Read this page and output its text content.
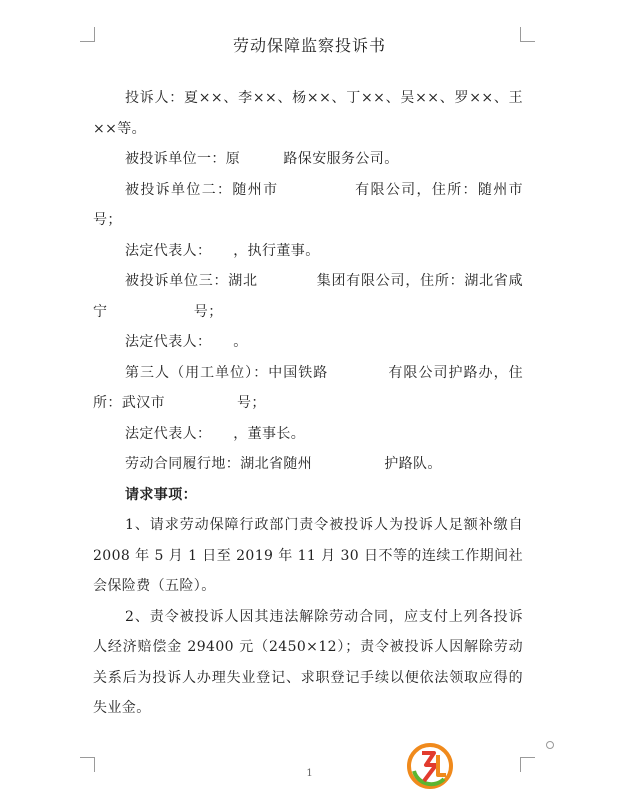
劳动保障监察投诉书

投诉人：夏××、李××、杨××、丁××、吴××、罗××、王××等。

被投诉单位一：原　　　路保安服务公司。

被投诉单位二：随州市　　　　　有限公司，住所：随州市　　　　号；

法定代表人：　　，执行董事。

被投诉单位三：湖北　　　　集团有限公司，住所：湖北省咸宁　　　　　　号；

法定代表人：　　。

第三人（用工单位）：中国铁路　　　　有限公司护路办，住所：武汉市　　　　　号；

法定代表人：　　，董事长。

劳动合同履行地：湖北省随州　　　　　护路队。

请求事项：

1、请求劳动保障行政部门责令被投诉人为投诉人足额补缴自 2008 年 5 月 1 日至 2019 年 11 月 30 日不等的连续工作期间社会保险费（五险）。

2、责令被投诉人因其违法解除劳动合同，应支付上列各投诉人经济赔偿金 29400 元（2450×12）；责令被投诉人因解除劳动关系后为投诉人办理失业登记、求职登记手续以便依法领取应得的失业金。

1
